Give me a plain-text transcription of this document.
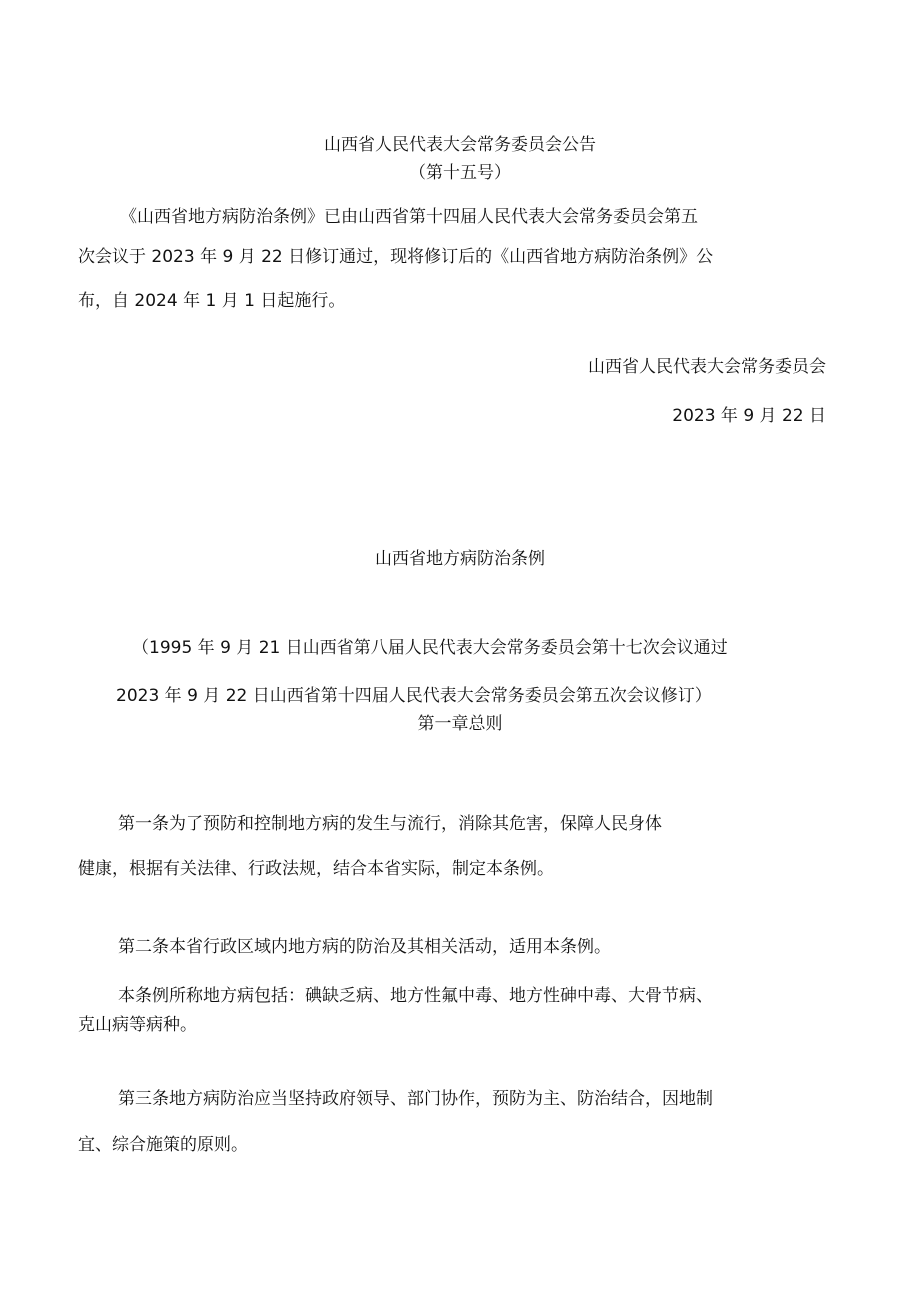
山西省人民代表大会常务委员会公告
（第十五号）
《山西省地方病防治条例》已由山西省第十四届人民代表大会常务委员会第五
次会议于 2023 年 9 月 22 日修订通过，现将修订后的《山西省地方病防治条例》公
布，自 2024 年 1 月 1 日起施行。
山西省人民代表大会常务委员会
2023 年 9 月 22 日
山西省地方病防治条例
（1995 年 9 月 21 日山西省第八届人民代表大会常务委员会第十七次会议通过
2023 年 9 月 22 日山西省第十四届人民代表大会常务委员会第五次会议修订）
第一章总则
第一条为了预防和控制地方病的发生与流行，消除其危害，保障人民身体
健康，根据有关法律、行政法规，结合本省实际，制定本条例。
第二条本省行政区域内地方病的防治及其相关活动，适用本条例。
本条例所称地方病包括：碘缺乏病、地方性氟中毒、地方性砷中毒、大骨节病、
克山病等病种。
第三条地方病防治应当坚持政府领导、部门协作，预防为主、防治结合，因地制
宜、综合施策的原则。
